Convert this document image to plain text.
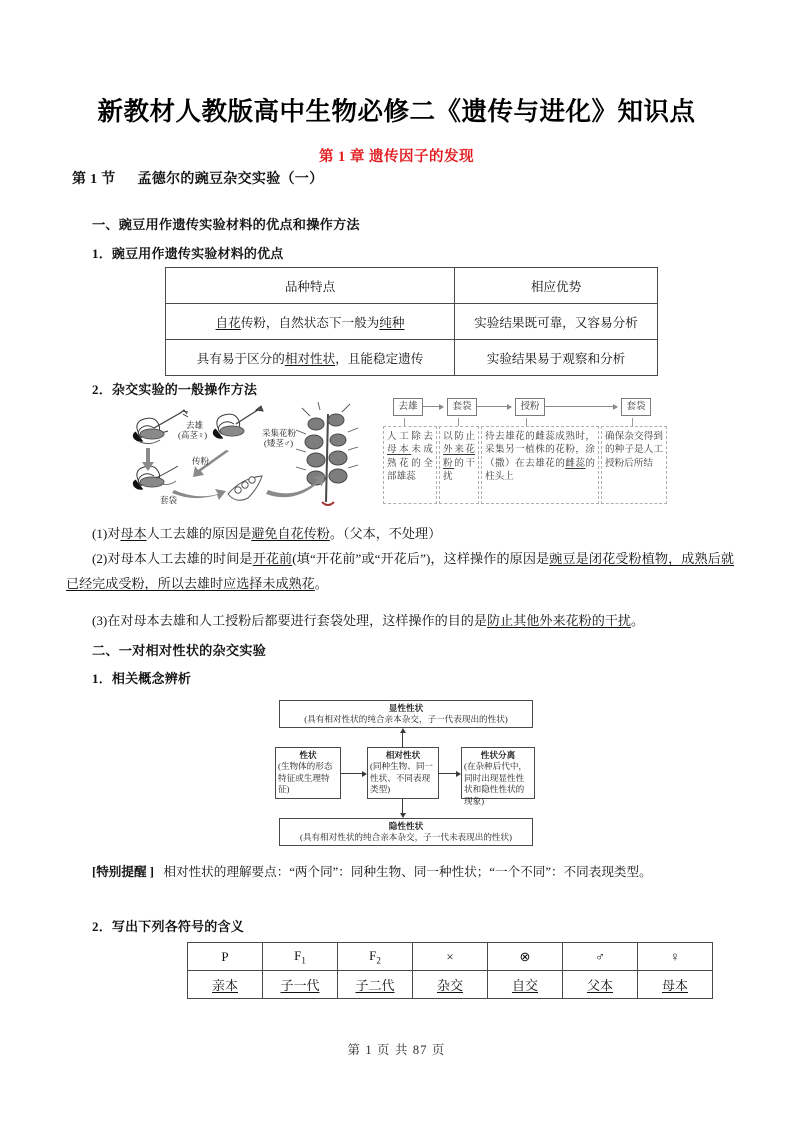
新教材人教版高中生物必修二《遗传与进化》知识点
第 1 章 遗传因子的发现
第 1 节 孟德尔的豌豆杂交实验（一）
一、豌豆用作遗传实验材料的优点和操作方法
1．豌豆用作遗传实验材料的优点
品种特点	相应优势
自花传粉，自然状态下一般为纯种	实验结果既可靠，又容易分析
具有易于区分的相对性状，且能稳定遗传	实验结果易于观察和分析
2．杂交实验的一般操作方法
去雄
(高茎♀)	采集花粉
(矮茎♂)
传粉
套袋
去雄	套袋	授粉	套袋
人工除去母本未成熟花的全部雄蕊
以防止外来花粉的干扰
待去雄花的雌蕊成熟时，采集另一植株的花粉，涂（撒）在去雄花的雌蕊的柱头上
确保杂交得到的种子是人工授粉后所结
(1)对母本人工去雄的原因是避免自花传粉。（父本，不处理）
(2)对母本人工去雄的时间是开花前(填“开花前”或“开花后”)，这样操作的原因是豌豆是闭花受粉植物，成熟后就已经完成受粉，所以去雄时应选择未成熟花。
(3)在对母本去雄和人工授粉后都要进行套袋处理，这样操作的目的是防止其他外来花粉的干扰。
二、一对相对性状的杂交实验
1．相关概念辨析
显性性状
(具有相对性状的纯合亲本杂交，子一代表现出的性状)
隐性性状
(具有相对性状的纯合亲本杂交，子一代未表现出的性状)
性状
(生物体的形态特征或生理特征)
相对性状
(同种生物、同一性状、不同表现类型)
性状分离
(在杂种后代中，同时出现显性性状和隐性性状的现象)
[特别提醒 ] 相对性状的理解要点：“两个同”：同种生物、同一种性状；“一个不同”：不同表现类型。
2．写出下列各符号的含义
P	$F_1$	$F_2$	×	⊗	♂	♀
亲本	子一代	子二代	杂交	自交	父本	母本
第 1 页 共 87 页
